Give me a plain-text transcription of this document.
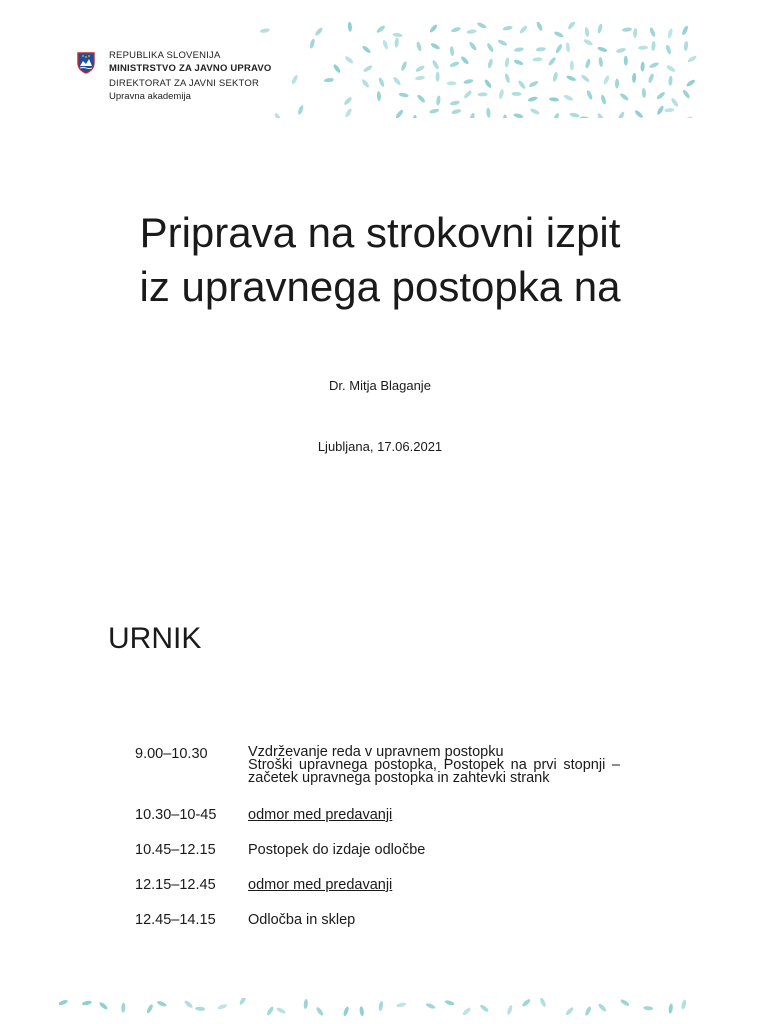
REPUBLIKA SLOVENIJA
MINISTRSTVO ZA JAVNO UPRAVO
DIREKTORAT ZA JAVNI SEKTOR
Upravna akademija
Priprava na strokovni izpit
iz upravnega postopka na
Dr. Mitja Blaganje
Ljubljana, 17.06.2021
URNIK
9.00–10.30	Vzdrževanje reda v upravnem postopku
Stroški upravnega postopka, Postopek na prvi stopnji – začetek upravnega postopka in zahtevki strank
10.30–10-45	odmor med predavanji
10.45–12.15	Postopek do izdaje odločbe
12.15–12.45	odmor med predavanji
12.45–14.15	Odločba in sklep
